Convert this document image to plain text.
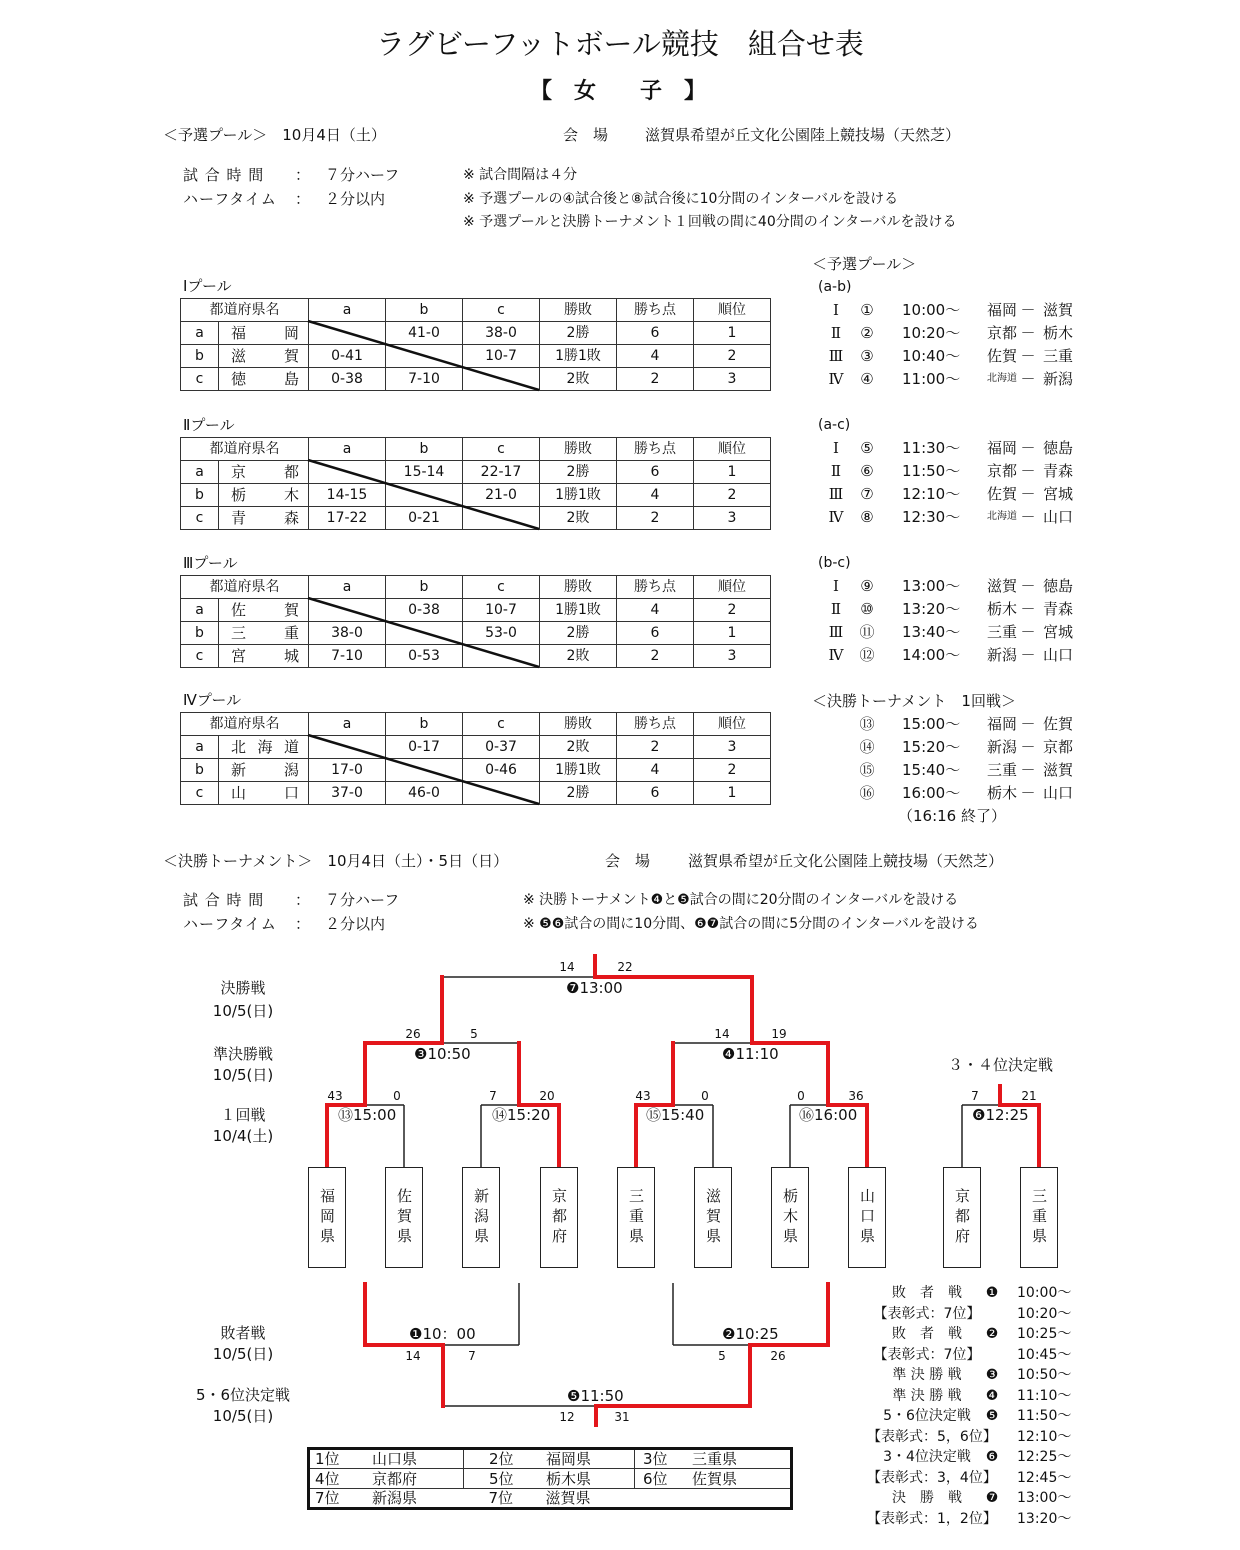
ラグビーフットボール競技　組合せ表
【　女　　子　】
＜予選プール＞　10月4日（土）	会　場 滋賀県希望が丘文化公園陸上競技場（天然芝）
試 合 時 間 ： ７分ハーフ
ハーフタイム ： ２分以内
※ 試合間隔は４分
※ 予選プールの④試合後と⑧試合後に10分間のインターバルを設ける
※ 予選プールと決勝トーナメント１回戦の間に40分間のインターバルを設ける
Ⅰプール
都道府県名		a	b	c	勝敗	勝ち点	順位
a	福岡		41-0	38-0	2勝	6	1
b	滋賀	0-41		10-7	1勝1敗	4	2
c	徳島	0-38	7-10		2敗	2	3
Ⅱプール
都道府県名		a	b	c	勝敗	勝ち点	順位
a	京都		15-14	22-17	2勝	6	1
b	栃木	14-15		21-0	1勝1敗	4	2
c	青森	17-22	0-21		2敗	2	3
Ⅲプール
都道府県名		a	b	c	勝敗	勝ち点	順位
a	佐賀		0-38	10-7	1勝1敗	4	2
b	三重	38-0		53-0	2勝	6	1
c	宮城	7-10	0-53		2敗	2	3
Ⅳプール
都道府県名		a	b	c	勝敗	勝ち点	順位
a	北海道		0-17	0-37	2敗	2	3
b	新潟	17-0		0-46	1勝1敗	4	2
c	山口	37-0	46-0		2勝	6	1
＜予選プール＞
(a-b)
Ⅰ	① 10:00～	福岡 － 滋賀
Ⅱ	② 10:20～	京都 － 栃木
Ⅲ ③ 10:40～	佐賀 － 三重
Ⅳ ④ 11:00～	北海道 － 新潟
(a-c)
Ⅰ	⑤ 11:30～	福岡 － 徳島
Ⅱ	⑥ 11:50～	京都 － 青森
Ⅲ ⑦ 12:10～	佐賀 － 宮城
Ⅳ ⑧ 12:30～	北海道 － 山口
(b-c)
Ⅰ	⑨ 13:00～	滋賀 － 徳島
Ⅱ	⑩ 13:20～	栃木 － 青森
Ⅲ ⑪ 13:40～	三重 － 宮城
Ⅳ ⑫ 14:00～	新潟 － 山口
＜決勝トーナメント　1回戦＞
⑬ 15:00～	福岡 － 佐賀
⑭ 15:20～	新潟 － 京都
⑮ 15:40～	三重 － 滋賀
⑯ 16:00～	栃木 － 山口
（16:16 終了）
＜決勝トーナメント＞　10月4日（土）・5日（日）	会　場	滋賀県希望が丘文化公園陸上競技場（天然芝）
試 合 時 間 ： ７分ハーフ
ハーフタイム ： ２分以内
※ 決勝トーナメント❹と❺試合の間に20分間のインターバルを設ける
※ ❺❻試合の間に10分間、❻❼試合の間に5分間のインターバルを設ける
決勝戦
10/5(日)
準決勝戦
10/5(日)
１回戦
10/4(土)
敗者戦
10/5(日)
5・6位決定戦
10/5(日)
３・４位決定戦
❼13:00
❸10:50	❹11:10
⑬15:00	⑭15:20	⑮15:40	⑯16:00	❻12:25
❶10：00	❷10:25
❺11:50
14	22
26	5	14	19
43	0	7	20	43	0	0	36	7	21
14	7	5	26
12	31
福岡県	佐賀県	新潟県	京都府	三重県	滋賀県	栃木県	山口県	京都府	三重県
敗　者　戦	❶ 10:00～
【表彰式：7位】	10:20～
敗　者　戦	❷ 10:25～
【表彰式：7位】	10:45～
準 決 勝 戦	❸ 10:50～
準 決 勝 戦	❹ 11:10～
5・6位決定戦	❺ 11:50～
【表彰式：5，6位】 12:10～
3・4位決定戦	❻ 12:25～
【表彰式：3，4位】 12:45～
決　勝　戦	❼ 13:00～
【表彰式：1，2位】 13:20～
1位 山口県	2位 福岡県	3位 三重県
4位 京都府	5位 栃木県	6位 佐賀県
7位 新潟県	7位 滋賀県	
